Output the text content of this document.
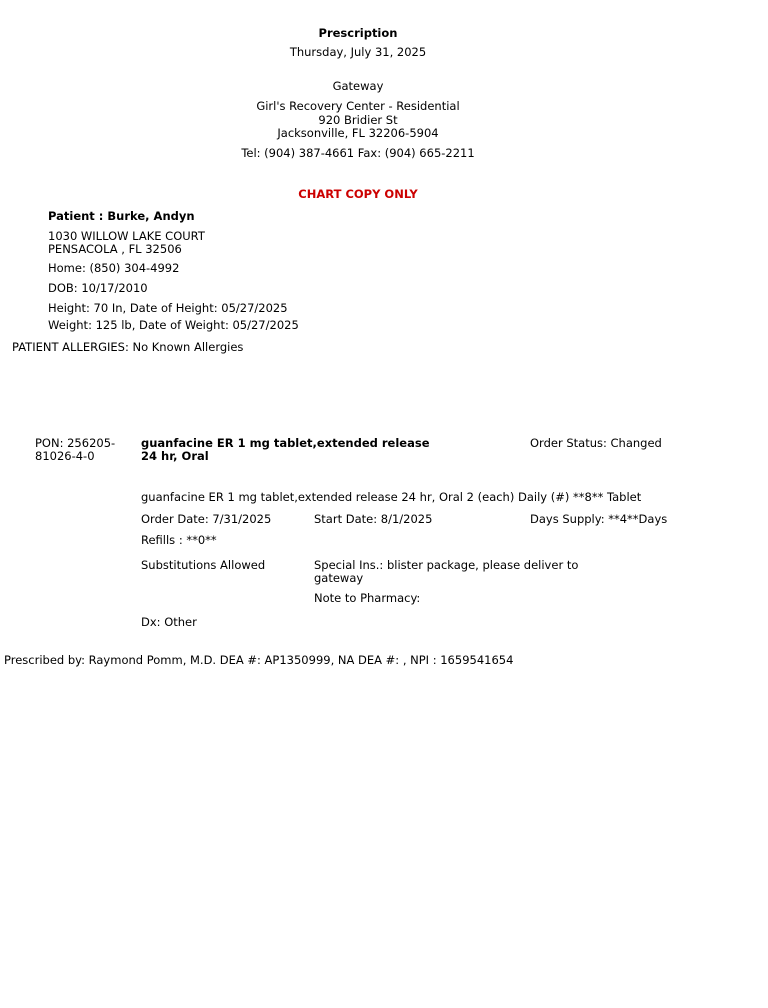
Prescription
Thursday, July 31, 2025
Gateway
Girl's Recovery Center - Residential
920 Bridier St
Jacksonville, FL 32206-5904
Tel: (904) 387-4661 Fax: (904) 665-2211
CHART COPY ONLY
Patient : Burke, Andyn
1030 WILLOW LAKE COURT
PENSACOLA , FL 32506
Home: (850) 304-4992
DOB: 10/17/2010
Height: 70 In, Date of Height: 05/27/2025
Weight: 125 lb, Date of Weight: 05/27/2025
PATIENT ALLERGIES: No Known Allergies
PON: 256205-
81026-4-0
guanfacine ER 1 mg tablet,extended release
24 hr, Oral
Order Status: Changed
guanfacine ER 1 mg tablet,extended release 24 hr, Oral 2 (each) Daily (#) **8** Tablet
Order Date: 7/31/2025	Start Date: 8/1/2025	Days Supply: **4**Days
Refills : **0**
Substitutions Allowed	Special Ins.: blister package, please deliver to
gateway
Note to Pharmacy:
Dx: Other
Prescribed by: Raymond Pomm, M.D. DEA #: AP1350999, NA DEA #: , NPI : 1659541654
